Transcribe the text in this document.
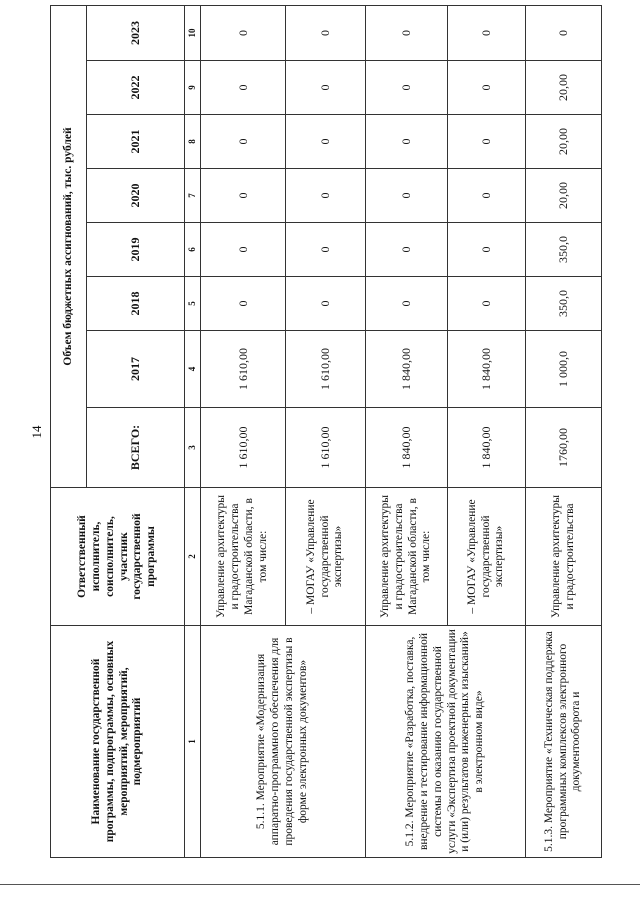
14
Наименование государственной программы, подпрограммы, основных мероприятий, мероприятий, подмероприятий	Ответственный исполнитель, соисполнитель, участник государственной программы	Объем бюджетных ассигнований, тыс. рублей							
		ВСЕГО:	2017	2018	2019	2020	2021	2022	2023
1	2	3	4	5	6	7	8	9	10
5.1.1. Мероприятие «Модернизация аппаратно-программного обеспечения для проведения государственной экспертизы в форме электронных документов»	Управление архитектуры и градостроительства Магаданской области, в том числе:	1 610,00	1 610,00	0	0	0	0	0	0
	– МОГАУ «Управление государственной экспертизы»	1 610,00	1 610,00	0	0	0	0	0	0
5.1.2. Мероприятие «Разработка, поставка, внедрение и тестирование информационной системы по оказанию государственной услуги «Экспертиза проектной документации и (или) результатов инженерных изысканий» в электронном виде»	Управление архитектуры и градостроительства Магаданской области, в том числе:	1 840,00	1 840,00	0	0	0	0	0	0
	– МОГАУ «Управление государственной экспертизы»	1 840,00	1 840,00	0	0	0	0	0	0
5.1.3. Мероприятие «Техническая поддержка программных комплексов электронного документооборота и	Управление архитектуры и градостроительства	1760,00	1 000,0	350,0	350,0	20,00	20,00	20,00	0
